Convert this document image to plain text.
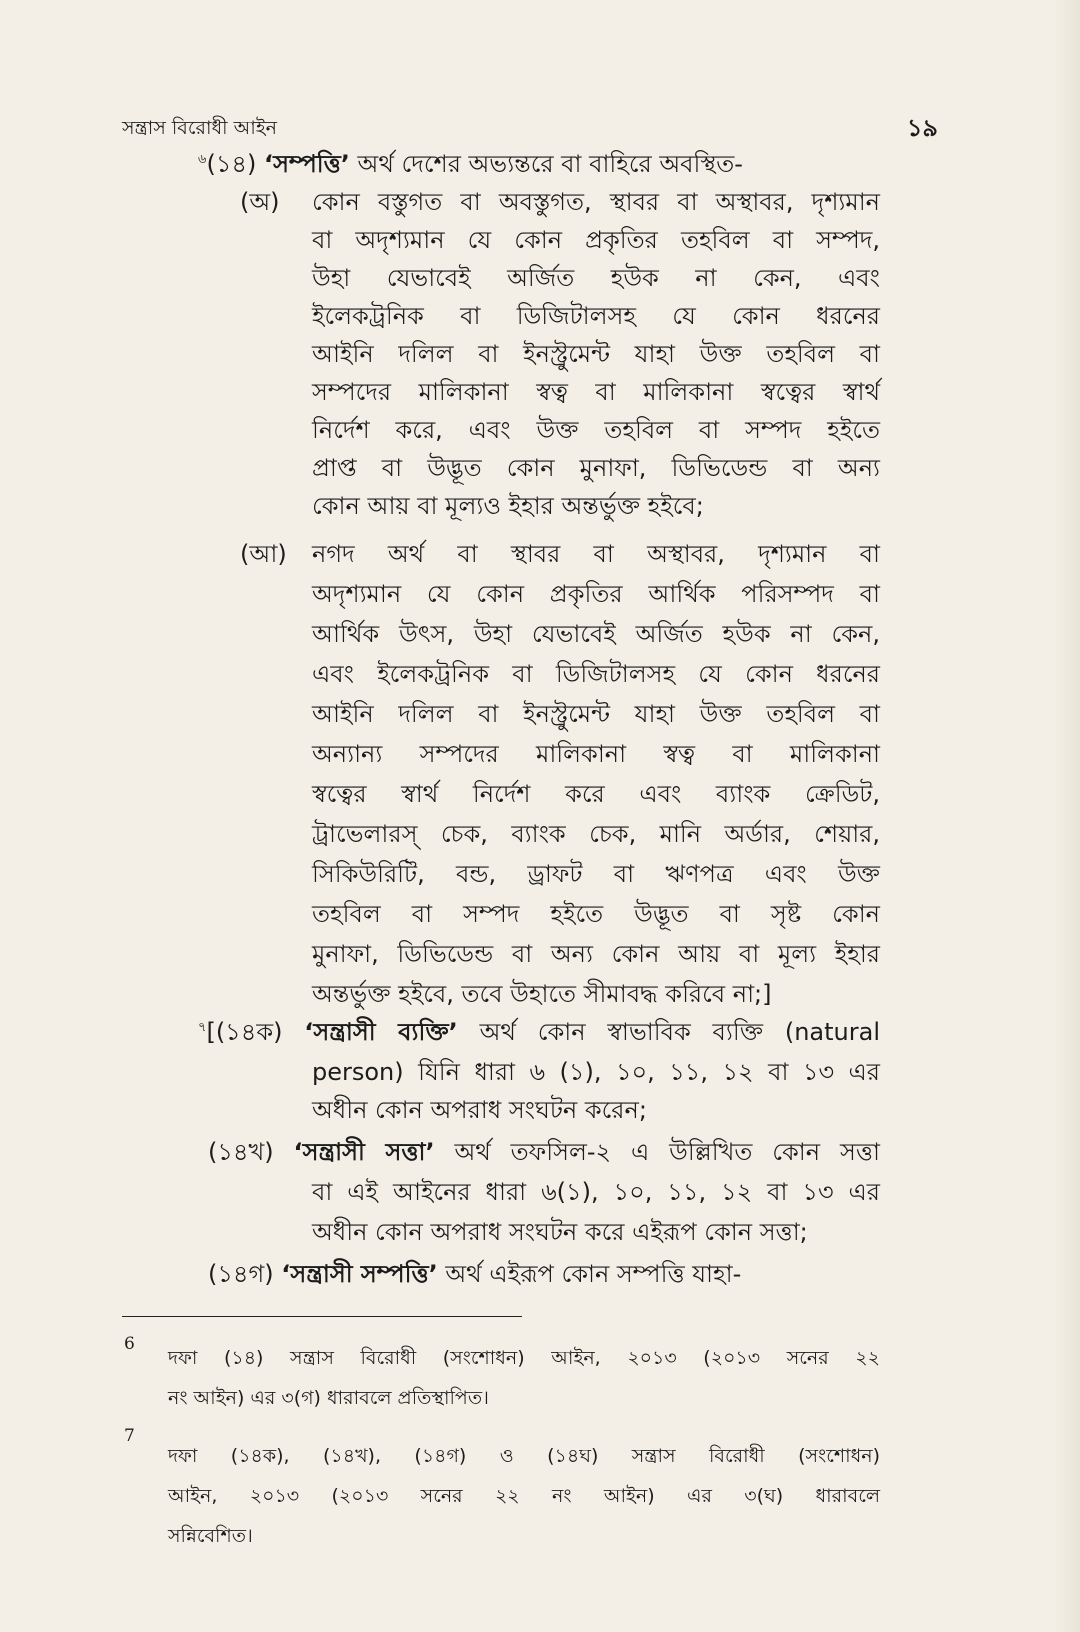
সন্ত্রাস বিরোধী আইন	১৯
$^৬$(১৪) ‘সম্পত্তি’ অর্থ দেশের অভ্যন্তরে বা বাহিরে অবস্থিত-
(অ) কোন বস্তুগত বা অবস্তুগত, স্থাবর বা অস্থাবর, দৃশ্যমান
বা অদৃশ্যমান যে কোন প্রকৃতির তহবিল বা সম্পদ,
উহা যেভাবেই অর্জিত হউক না কেন, এবং
ইলেকট্রনিক বা ডিজিটালসহ যে কোন ধরনের
আইনি দলিল বা ইনস্ট্রুমেন্ট যাহা উক্ত তহবিল বা
সম্পদের মালিকানা স্বত্ব বা মালিকানা স্বত্বের স্বার্থ
নির্দেশ করে, এবং উক্ত তহবিল বা সম্পদ হইতে
প্রাপ্ত বা উদ্ভূত কোন মুনাফা, ডিভিডেন্ড বা অন্য
কোন আয় বা মূল্যও ইহার অন্তর্ভুক্ত হইবে;
(আ) নগদ অর্থ বা স্থাবর বা অস্থাবর, দৃশ্যমান বা
অদৃশ্যমান যে কোন প্রকৃতির আর্থিক পরিসম্পদ বা
আর্থিক উৎস, উহা যেভাবেই অর্জিত হউক না কেন,
এবং ইলেকট্রনিক বা ডিজিটালসহ যে কোন ধরনের
আইনি দলিল বা ইনস্ট্রুমেন্ট যাহা উক্ত তহবিল বা
অন্যান্য সম্পদের মালিকানা স্বত্ব বা মালিকানা
স্বত্বের স্বার্থ নির্দেশ করে এবং ব্যাংক ক্রেডিট,
ট্রাভেলারস্ চেক, ব্যাংক চেক, মানি অর্ডার, শেয়ার,
সিকিউরিটি, বন্ড, ড্রাফট বা ঋণপত্র এবং উক্ত
তহবিল বা সম্পদ হইতে উদ্ভূত বা সৃষ্ট কোন
মুনাফা, ডিভিডেন্ড বা অন্য কোন আয় বা মূল্য ইহার
অন্তর্ভুক্ত হইবে, তবে উহাতে সীমাবদ্ধ করিবে না;]
$^৭$[(১৪ক) ‘সন্ত্রাসী ব্যক্তি’ অর্থ কোন স্বাভাবিক ব্যক্তি (natural
person) যিনি ধারা ৬ (১), ১০, ১১, ১২ বা ১৩ এর
অধীন কোন অপরাধ সংঘটন করেন;
(১৪খ) ‘সন্ত্রাসী সত্তা’ অর্থ তফসিল-২ এ উল্লিখিত কোন সত্তা
বা এই আইনের ধারা ৬(১), ১০, ১১, ১২ বা ১৩ এর
অধীন কোন অপরাধ সংঘটন করে এইরূপ কোন সত্তা;
(১৪গ) ‘সন্ত্রাসী সম্পত্তি’ অর্থ এইরূপ কোন সম্পত্তি যাহা-
6
দফা (১৪) সন্ত্রাস বিরোধী (সংশোধন) আইন, ২০১৩ (২০১৩ সনের ২২
নং আইন) এর ৩(গ) ধারাবলে প্রতিস্থাপিত।
7
দফা (১৪ক), (১৪খ), (১৪গ) ও (১৪ঘ) সন্ত্রাস বিরোধী (সংশোধন)
আইন, ২০১৩ (২০১৩ সনের ২২ নং আইন) এর ৩(ঘ) ধারাবলে
সন্নিবেশিত।
